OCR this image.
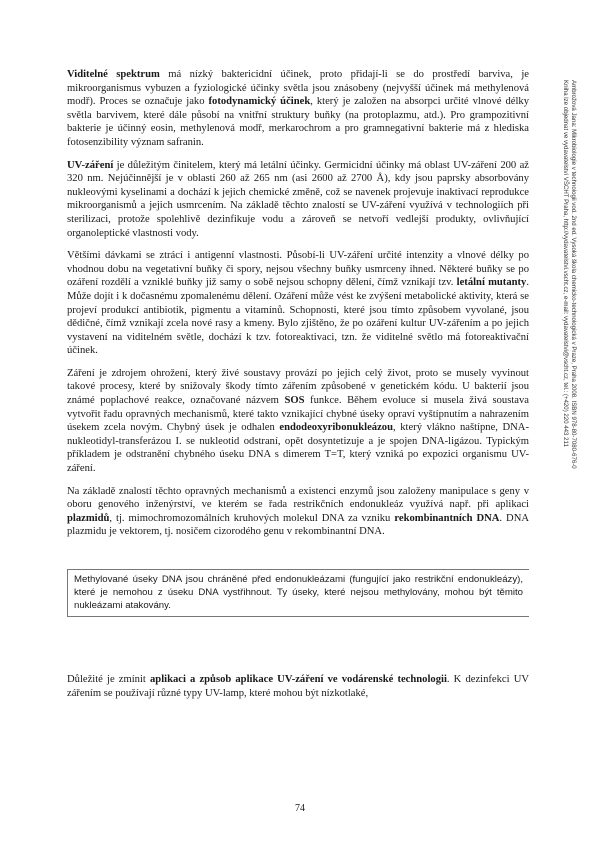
Viditelné spektrum má nízký baktericidní účinek, proto přidají-li se do prostředí barviva, je mikroorganismus vybuzen a fyziologické účinky světla jsou znásobeny (nejvyšší účinek má methylenová modř). Proces se označuje jako fotodynamický účinek, který je založen na absorpci určité vlnové délky světla barvivem, které dále působí na vnitřní struktury buňky (na protoplazmu, atd.). Pro grampozitivní bakterie je účinný eosin, methylenová modř, merkarochrom a pro gramnegativní bakterie má z hlediska fotosenzibility význam safranin.

UV-záření je důležitým činitelem, který má letální účinky. Germicidní účinky má oblast UV-záření 200 až 320 nm. Nejúčinnější je v oblasti 260 až 265 nm (asi 2600 až 2700 Å), kdy jsou paprsky absorbovány nukleovými kyselinami a dochází k jejich chemické změně, což se navenek projevuje inaktivací reprodukce mikroorganismů a jejich usmrcením. Na základě těchto znalostí se UV-záření využívá v technologiích při sterilizaci, protože spolehlivě dezinfikuje vodu a zároveň se netvoří vedlejší produkty, ovlivňující organoleptické vlastnosti vody.

Většími dávkami se ztrácí i antigenní vlastnosti. Působí-li UV-záření určité intenzity a vlnové délky po vhodnou dobu na vegetativní buňky či spory, nejsou všechny buňky usmrceny ihned. Některé buňky se po ozáření rozdělí a vzniklé buňky již samy o sobě nejsou schopny dělení, čímž vznikají tzv. letální mutanty. Může dojít i k dočasnému zpomalenému dělení. Ozáření může vést ke zvýšení metabolické aktivity, která se projeví produkcí antibiotik, pigmentu a vitamínů. Schopnosti, které jsou tímto způsobem vyvolané, jsou dědičné, čímž vznikají zcela nové rasy a kmeny. Bylo zjištěno, že po ozáření kultur UV-zářením a po jejich vystavení na viditelném světle, dochází k tzv. fotoreaktivaci, tzn. že viditelné světlo má fotoreaktivační účinek.

Záření je zdrojem ohrožení, který živé soustavy provází po jejich celý život, proto se musely vyvinout takové procesy, které by snižovaly škody tímto zářením způsobené v genetickém kódu. U bakterií jsou známé poplachové reakce, označované názvem SOS funkce. Během evoluce si musela živá soustava vytvořit řadu opravných mechanismů, které takto vznikající chybné úseky opraví vyštípnutím a nahrazením úsekem zcela novým. Chybný úsek je odhalen endodeoxyribonukleázou, který vlákno naštípne, DNA-nukleotidyl-transferázou I. se nukleotid odstraní, opět dosyntetizuje a je spojen DNA-ligázou. Typickým příkladem je odstranění chybného úseku DNA s dimerem T=T, který vzniká po expozici organismu UV-záření.

Na základě znalostí těchto opravných mechanismů a existenci enzymů jsou založeny manipulace s geny v oboru genového inženýrství, ve kterém se řada restrikčních endonukleáz využívá např. při aplikaci plazmidů, tj. mimochromozomálních kruhových molekul DNA za vzniku rekombinantních DNA. DNA plazmidu je vektorem, tj. nosičem cizorodého genu v rekombinantní DNA.

Methylované úseky DNA jsou chráněné před endonukleázami (fungující jako restrikční endonukleázy), které je nemohou z úseku DNA vystřihnout. Ty úseky, které nejsou methylovány, mohou být těmito nukleázami atakovány.

Důležité je zmínit aplikaci a způsob aplikace UV-záření ve vodárenské technologii. K dezinfekci UV zářením se používají různé typy UV-lamp, které mohou být nízkotlaké,

74
Ambrožová Jana: Mikrobiologie v technologii vod. 2nd ed. Vysoká škola chemicko-technologická v Praze, Praha 2008. ISBN 978-80-7080-676-0
Kniha lze objednat ve vydavatelství VŠCHT Praha, http://vydavatelstvi.vscht.cz, e-mail: vydavatelstvi@vscht.cz, tel.: (+420) 220 443 211
